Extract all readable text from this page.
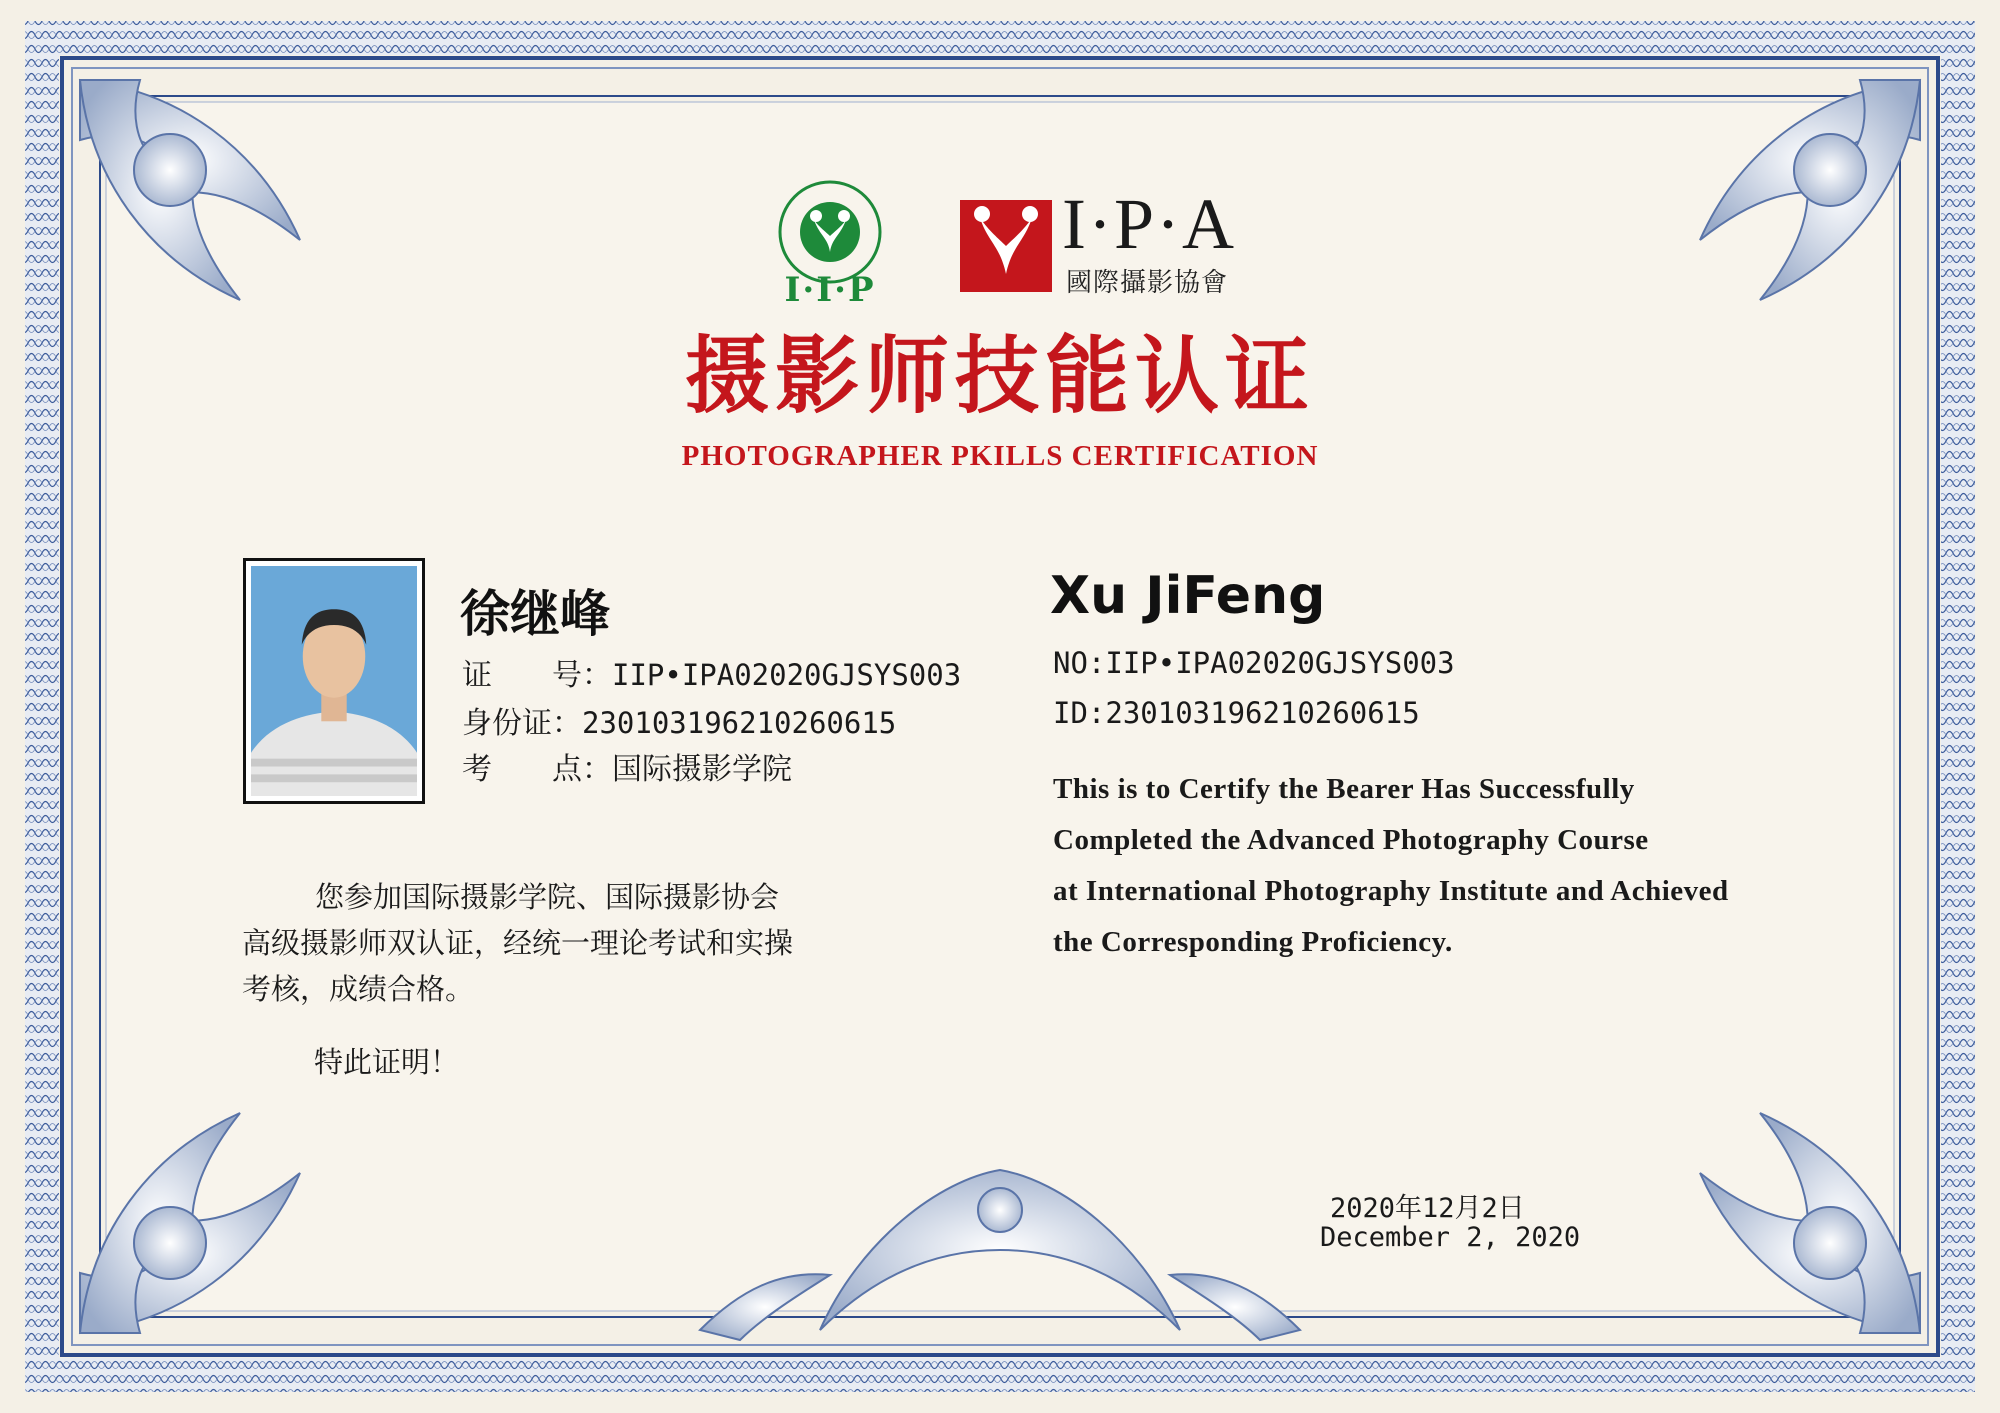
I·I·P
I·P·A
國際攝影協會
摄影师技能认证
PHOTOGRAPHER PKILLS CERTIFICATION
徐继峰
证　　号：IIP•IPA02020GJSYS003
身份证：230103196210260615
考　　点：国际摄影学院

您参加国际摄影学院、国际摄影协会

高级摄影师双认证，经统一理论考试和实操

考核，成绩合格。

特此证明！
Xu JiFeng
NO:IIP•IPA02020GJSYS003
ID:230103196210260615

This is to Certify the Bearer Has Successfully

Completed the Advanced Photography Course

at International Photography Institute and Achieved

the Corresponding Proficiency.

2020年12月2日
December 2, 2020
